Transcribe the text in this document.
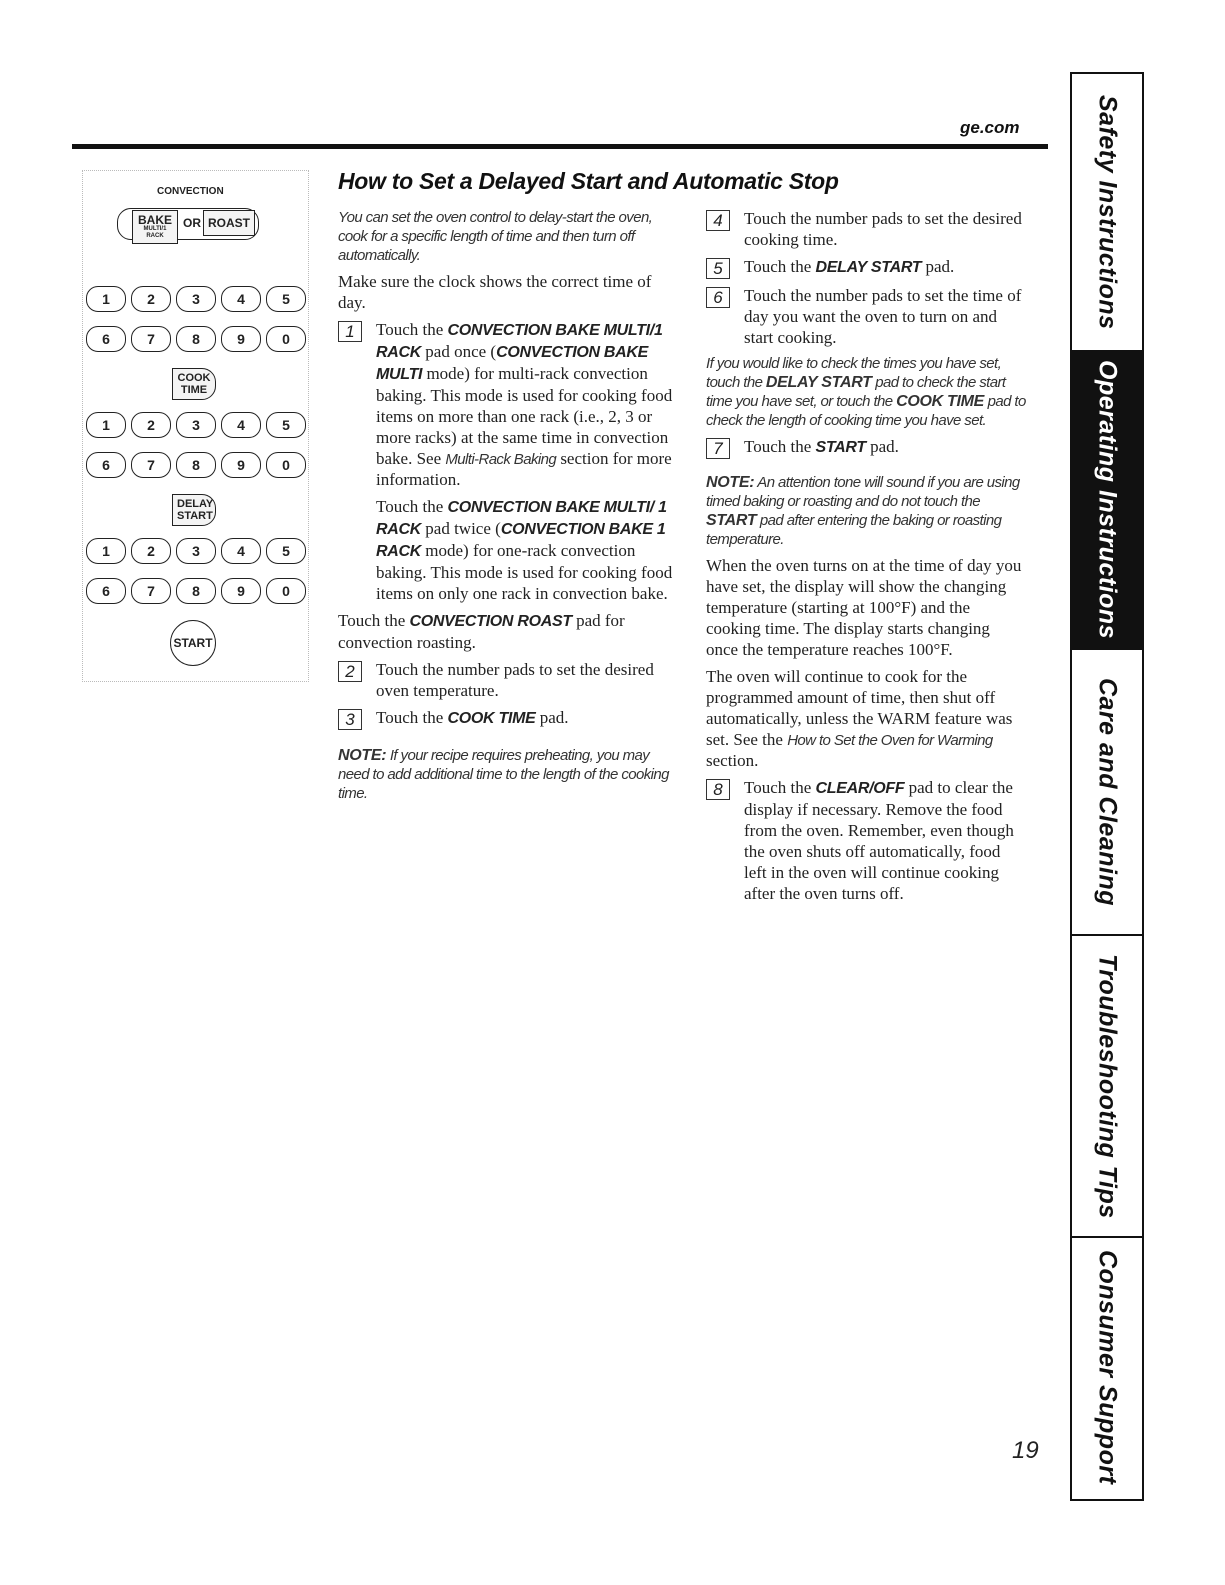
ge.com
How to Set a Delayed Start and Automatic Stop
CONVECTION
BAKE
MULTI/1 RACK
OR ROAST
1	2	3	4	5
6	7	8	9	0
COOK TIME
1	2	3	4	5
6	7	8	9	0
DELAY START
1	2	3	4	5
6	7	8	9	0
START

You can set the oven control to delay-start the oven, cook for a specific length of time and then turn off automatically.

Make sure the clock shows the correct time of day.

1	Touch the CONVECTION BAKE MULTI/1 RACK pad once (CONVECTION BAKE MULTI mode) for multi-rack convection baking. This mode is used for cooking food items on more than one rack (i.e., 2, 3 or more racks) at the same time in convection bake. See Multi-Rack Baking section for more information.

Touch the CONVECTION BAKE MULTI/ 1 RACK pad twice (CONVECTION BAKE 1 RACK mode) for one-rack convection baking. This mode is used for cooking food items on only one rack in convection bake.

Touch the CONVECTION ROAST pad for convection roasting.

2	Touch the number pads to set the desired oven temperature.
3	Touch the COOK TIME pad.

NOTE: If your recipe requires preheating, you may need to add additional time to the length of the cooking time.

4	Touch the number pads to set the desired cooking time.
5	Touch the DELAY START pad.
6	Touch the number pads to set the time of day you want the oven to turn on and start cooking.

If you would like to check the times you have set, touch the DELAY START pad to check the start time you have set, or touch the COOK TIME pad to check the length of cooking time you have set.

7	Touch the START pad.

NOTE: An attention tone will sound if you are using timed baking or roasting and do not touch the START pad after entering the baking or roasting temperature.

When the oven turns on at the time of day you have set, the display will show the changing temperature (starting at 100°F) and the cooking time. The display starts changing once the temperature reaches 100°F.

The oven will continue to cook for the programmed amount of time, then shut off automatically, unless the WARM feature was set. See the How to Set the Oven for Warming section.

8	Touch the CLEAR/OFF pad to clear the display if necessary. Remove the food from the oven. Remember, even though the oven shuts off automatically, food left in the oven will continue cooking after the oven turns off.
Safety Instructions
Operating Instructions
Care and Cleaning
Troubleshooting Tips
Consumer Support
19
